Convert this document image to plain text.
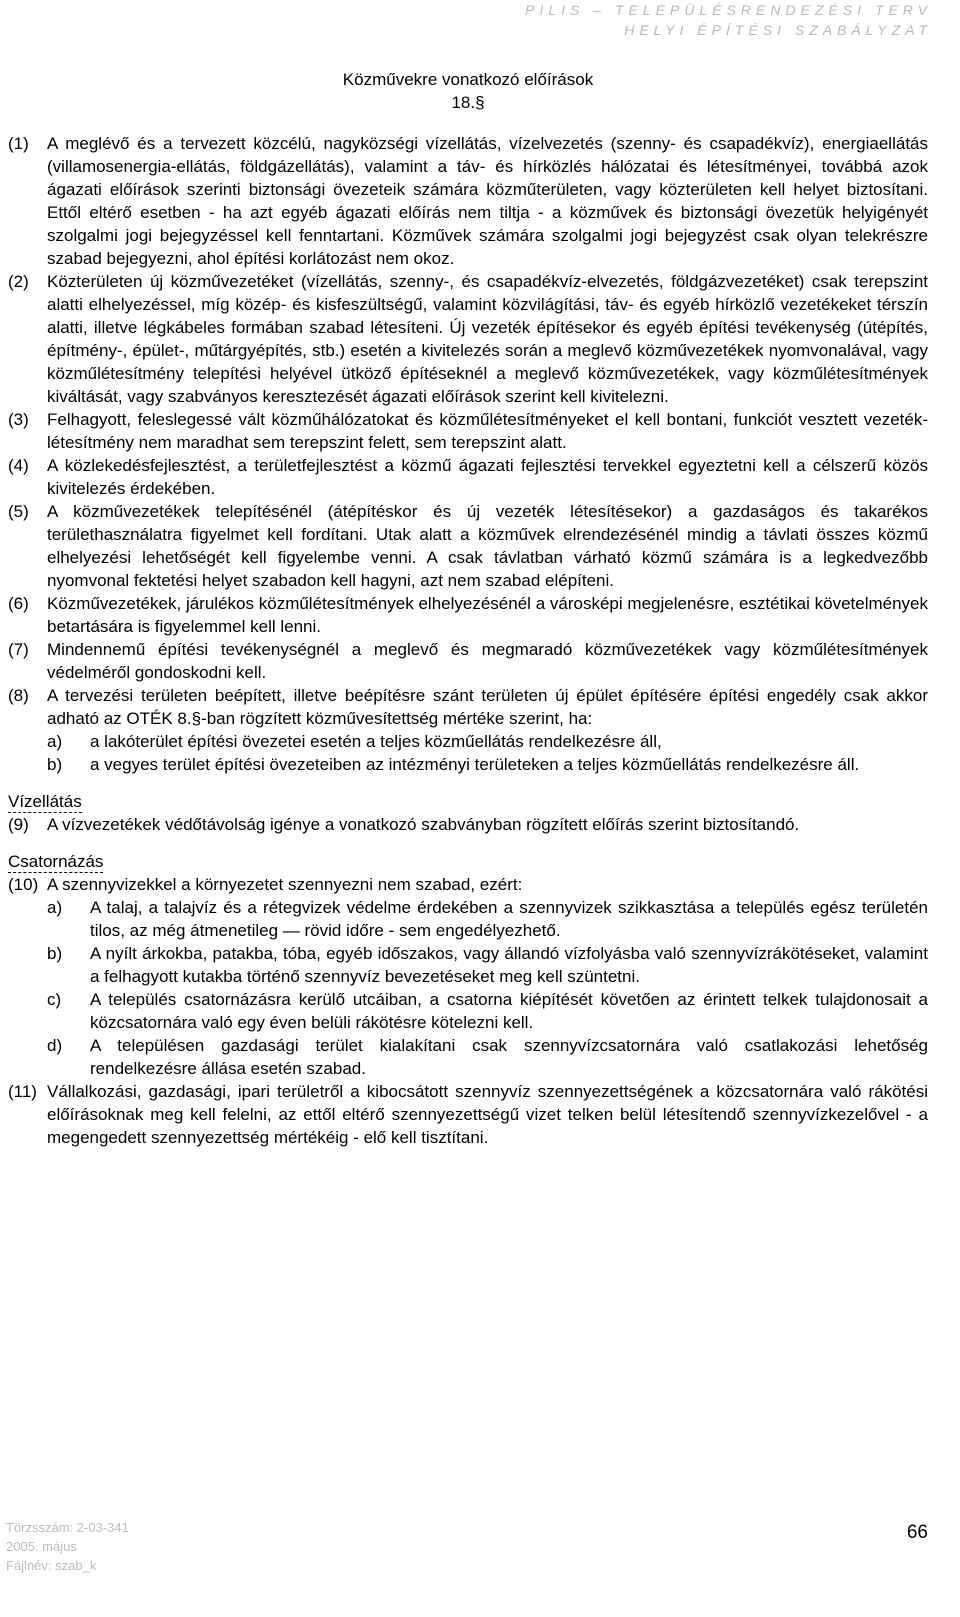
PILIS – TELEPÜLÉSRENDEZÉSI TERV
HELYI ÉPÍTÉSI SZABÁLYZAT
Közművekre vonatkozó előírások
18.§
(1)	A meglévő és a tervezett közcélú, nagyközségi vízellátás, vízelvezetés (szenny- és csapadékvíz), energiaellátás (villamosenergia-ellátás, földgázellátás), valamint a táv- és hírközlés hálózatai és létesítményei, továbbá azok ágazati előírások szerinti biztonsági övezeteik számára közműterületen, vagy közterületen kell helyet biztosítani. Ettől eltérő esetben - ha azt egyéb ágazati előírás nem tiltja - a közművek és biztonsági övezetük helyigényét szolgalmi jogi bejegyzéssel kell fenntartani. Közművek számára szolgalmi jogi bejegyzést csak olyan telekrészre szabad bejegyezni, ahol építési korlátozást nem okoz.
(2)	Közterületen új közművezetéket (vízellátás, szenny-, és csapadékvíz-elvezetés, földgázvezetéket) csak terepszint alatti elhelyezéssel, míg közép- és kisfeszültségű, valamint közvilágítási, táv- és egyéb hírközlő vezetékeket térszín alatti, illetve légkábeles formában szabad létesíteni. Új vezeték építésekor és egyéb építési tevékenység (útépítés, építmény-, épület-, műtárgyépítés, stb.) esetén a kivitelezés során a meglevő közművezetékek nyomvonalával, vagy közműlétesítmény telepítési helyével ütköző építéseknél a meglevő közművezetékek, vagy közműlétesítmények kiváltását, vagy szabványos keresztezését ágazati előírások szerint kell kivitelezni.
(3)	Felhagyott, feleslegessé vált közműhálózatokat és közműlétesítményeket el kell bontani, funkciót vesztett vezeték-létesítmény nem maradhat sem terepszint felett, sem terepszint alatt.
(4)	A közlekedésfejlesztést, a területfejlesztést a közmű ágazati fejlesztési tervekkel egyeztetni kell a célszerű közös kivitelezés érdekében.
(5)	A közművezetékek telepítésénél (átépítéskor és új vezeték létesítésekor) a gazdaságos és takarékos területhasználatra figyelmet kell fordítani. Utak alatt a közművek elrendezésénél mindig a távlati összes közmű elhelyezési lehetőségét kell figyelembe venni. A csak távlatban várható közmű számára is a legkedvezőbb nyomvonal fektetési helyet szabadon kell hagyni, azt nem szabad elépíteni.
(6)	Közművezetékek, járulékos közműlétesítmények elhelyezésénél a városképi megjelenésre, esztétikai követelmények betartására is figyelemmel kell lenni.
(7)	Mindennemű építési tevékenységnél a meglevő és megmaradó közművezetékek vagy közműlétesítmények védelméről gondoskodni kell.
(8)	A tervezési területen beépített, illetve beépítésre szánt területen új épület építésére építési engedély csak akkor adható az OTÉK 8.§-ban rögzített közművesítettség mértéke szerint, ha:
a)	a lakóterület építési övezetei esetén a teljes közműellátás rendelkezésre áll,
b)	a vegyes terület építési övezeteiben az intézményi területeken a teljes közműellátás rendelkezésre áll.
Vízellátás
(9)	A vízvezetékek védőtávolság igénye a vonatkozó szabványban rögzített előírás szerint biztosítandó.
Csatornázás
(10) A szennyvizekkel a környezetet szennyezni nem szabad, ezért:
a)	A talaj, a talajvíz és a rétegvizek védelme érdekében a szennyvizek szikkasztása a település egész területén tilos, az még átmenetileg — rövid időre - sem engedélyezhető.
b)	A nyílt árkokba, patakba, tóba, egyéb időszakos, vagy állandó vízfolyásba való szennyvízrákötéseket, valamint a felhagyott kutakba történő szennyvíz bevezetéseket meg kell szüntetni.
c)	A település csatornázásra kerülő utcáiban, a csatorna kiépítését követően az érintett telkek tulajdonosait a közcsatornára való egy éven belüli rákötésre kötelezni kell.
d)	A településen gazdasági terület kialakítani csak szennyvízcsatornára való csatlakozási lehetőség rendelkezésre állása esetén szabad.
(11) Vállalkozási, gazdasági, ipari területről a kibocsátott szennyvíz szennyezettségének a közcsatornára való rákötési előírásoknak meg kell felelni, az ettől eltérő szennyezettségű vizet telken belül létesítendő szennyvízkezelővel - a megengedett szennyezettség mértékéig - elő kell tisztítani.
Törzsszám: 2-03-341
2005. május
Fájlnév: szab_k
66
